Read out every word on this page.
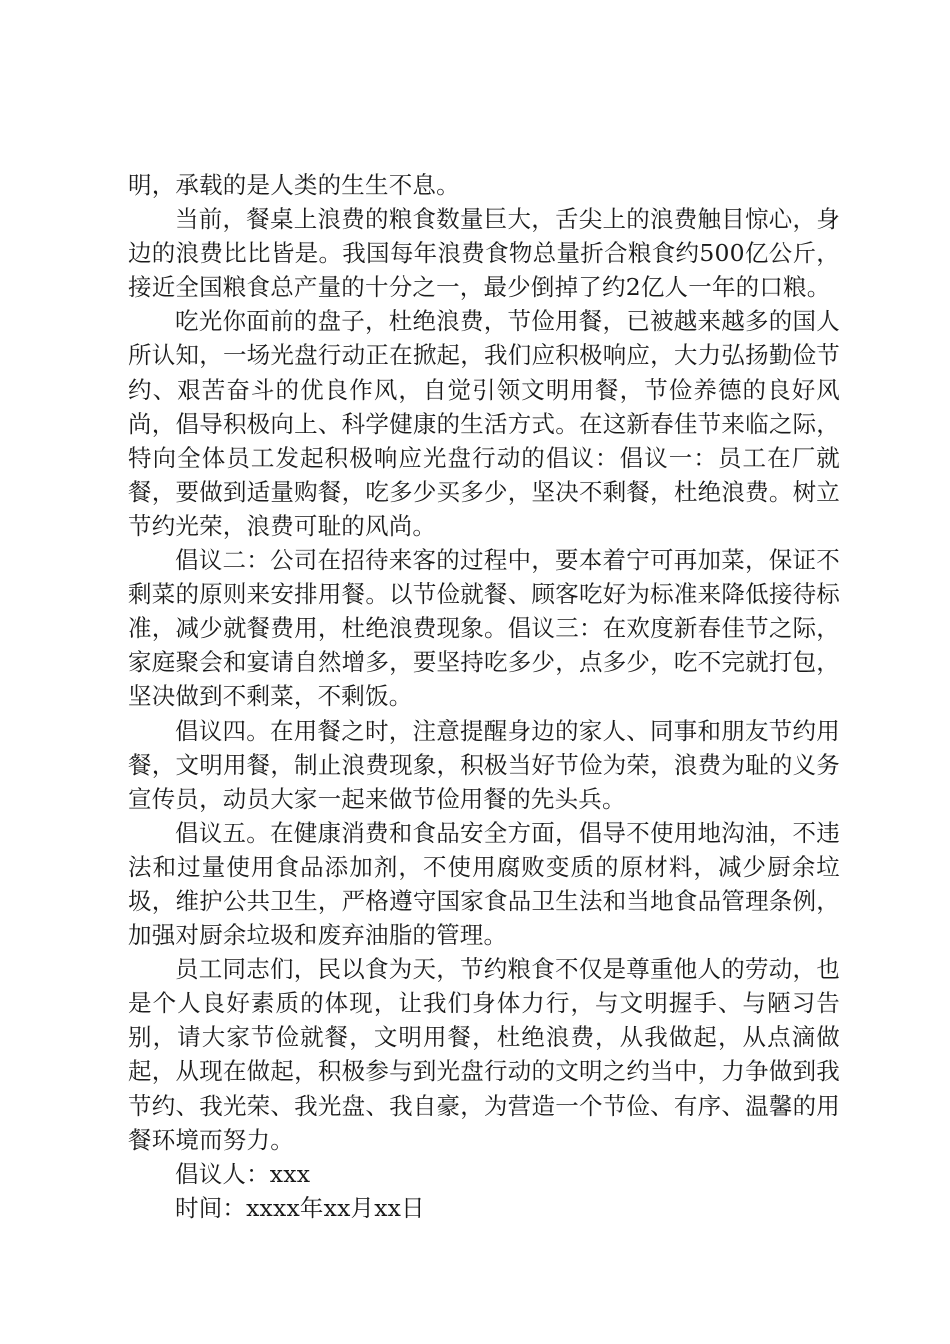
明，承载的是人类的生生不息。

当前，餐桌上浪费的粮食数量巨大，舌尖上的浪费触目惊心，身边的浪费比比皆是。我国每年浪费食物总量折合粮食约500亿公斤，接近全国粮食总产量的十分之一，最少倒掉了约2亿人一年的口粮。

吃光你面前的盘子，杜绝浪费，节俭用餐，已被越来越多的国人所认知，一场光盘行动正在掀起，我们应积极响应，大力弘扬勤俭节约、艰苦奋斗的优良作风，自觉引领文明用餐，节俭养德的良好风尚，倡导积极向上、科学健康的生活方式。在这新春佳节来临之际，特向全体员工发起积极响应光盘行动的倡议：倡议一：员工在厂就餐，要做到适量购餐，吃多少买多少，坚决不剩餐，杜绝浪费。树立节约光荣，浪费可耻的风尚。

倡议二：公司在招待来客的过程中，要本着宁可再加菜，保证不剩菜的原则来安排用餐。以节俭就餐、顾客吃好为标准来降低接待标准，减少就餐费用，杜绝浪费现象。倡议三：在欢度新春佳节之际，家庭聚会和宴请自然增多，要坚持吃多少，点多少，吃不完就打包，坚决做到不剩菜，不剩饭。

倡议四。在用餐之时，注意提醒身边的家人、同事和朋友节约用餐，文明用餐，制止浪费现象，积极当好节俭为荣，浪费为耻的义务宣传员，动员大家一起来做节俭用餐的先头兵。

倡议五。在健康消费和食品安全方面，倡导不使用地沟油，不违法和过量使用食品添加剂，不使用腐败变质的原材料，减少厨余垃圾，维护公共卫生，严格遵守国家食品卫生法和当地食品管理条例，加强对厨余垃圾和废弃油脂的管理。

员工同志们，民以食为天，节约粮食不仅是尊重他人的劳动，也是个人良好素质的体现，让我们身体力行，与文明握手、与陋习告别，请大家节俭就餐，文明用餐，杜绝浪费，从我做起，从点滴做起，从现在做起，积极参与到光盘行动的文明之约当中，力争做到我节约、我光荣、我光盘、我自豪，为营造一个节俭、有序、温馨的用餐环境而努力。

倡议人：xxx

时间：xxxx年xx月xx日
